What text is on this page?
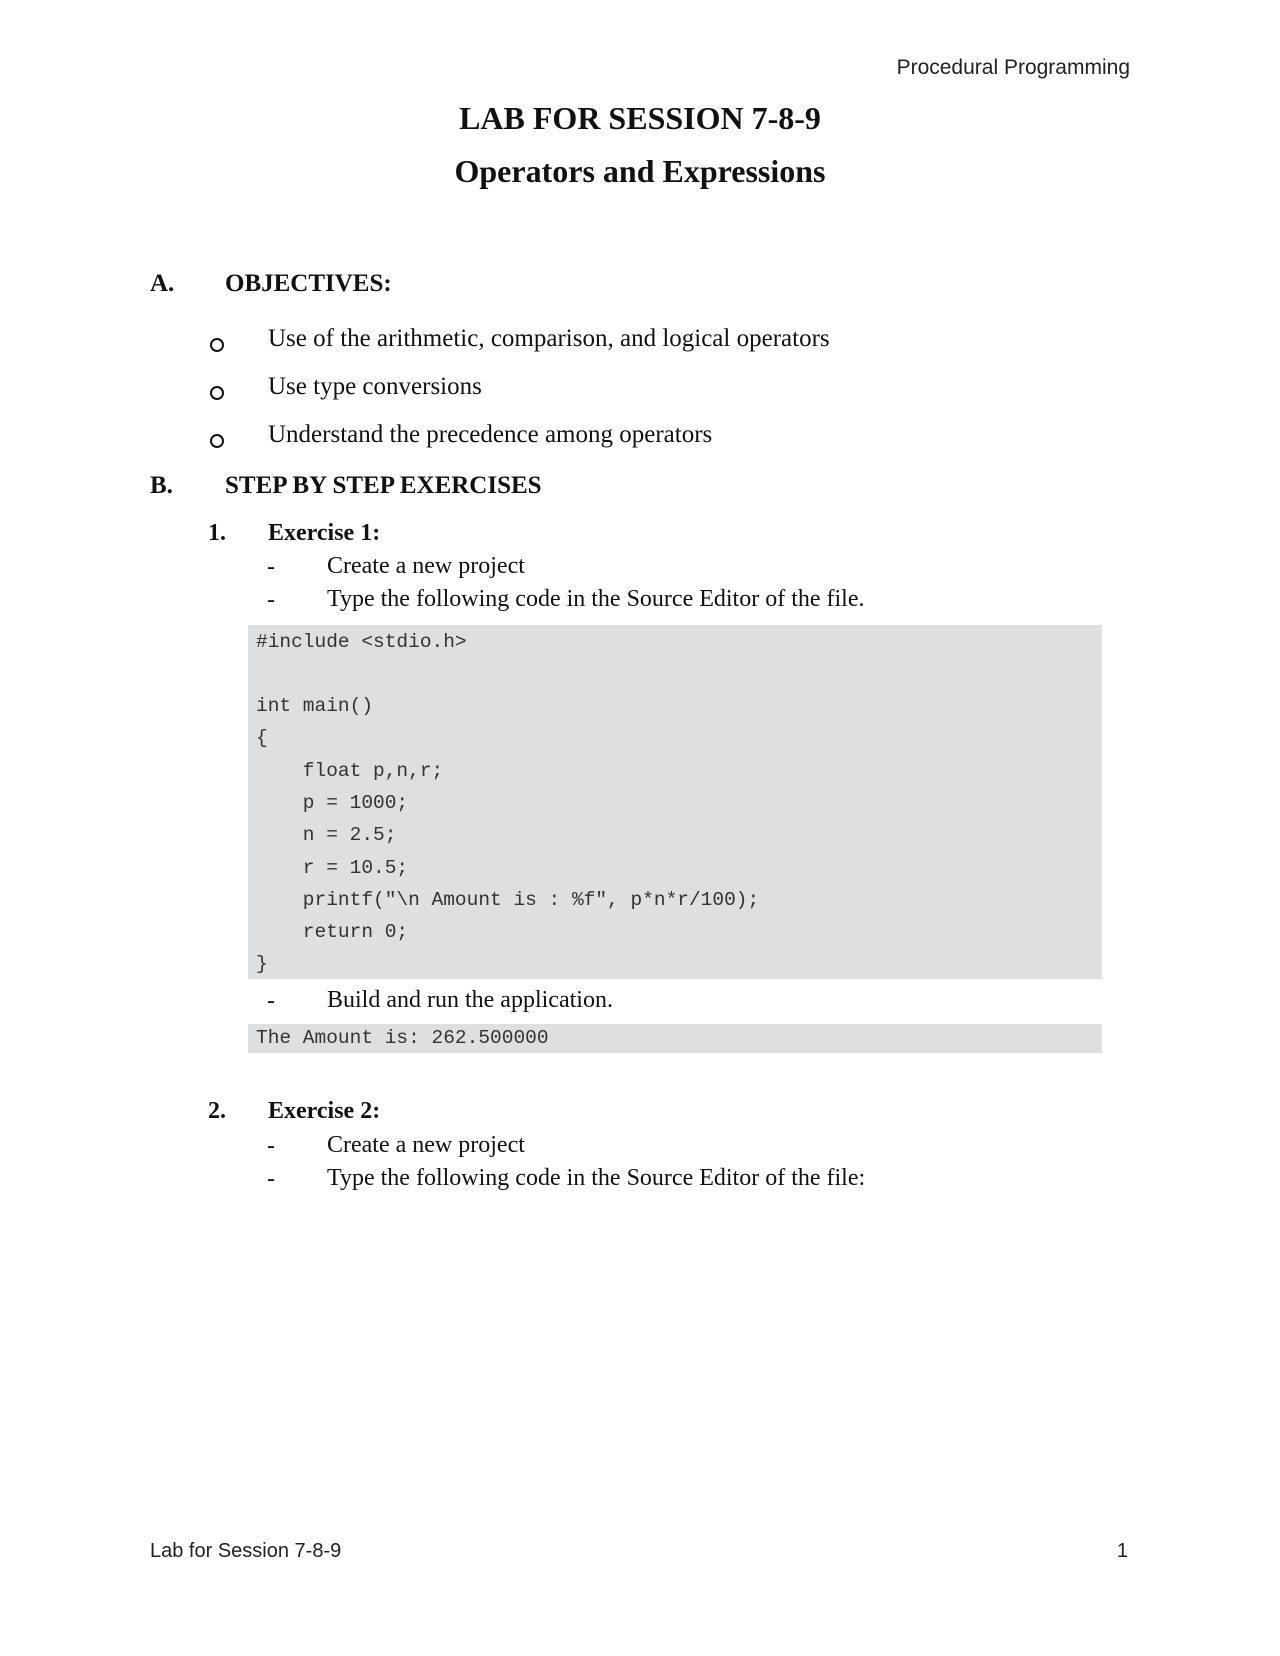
Procedural Programming
LAB FOR SESSION 7-8-9
Operators and Expressions
A. OBJECTIVES:
Use of the arithmetic, comparison, and logical operators
Use type conversions
Understand the precedence among operators
B. STEP BY STEP EXERCISES
1. Exercise 1:
- Create a new project
- Type the following code in the Source Editor of the file.
#include <stdio.h>
int main()
{
float p,n,r;
p = 1000;
n = 2.5;
r = 10.5;
printf("\n Amount is : %f", p*n*r/100);
return 0;
}
- Build and run the application.
The Amount is: 262.500000
2. Exercise 2:
- Create a new project
- Type the following code in the Source Editor of the file:
Lab for Session 7-8-9	1
